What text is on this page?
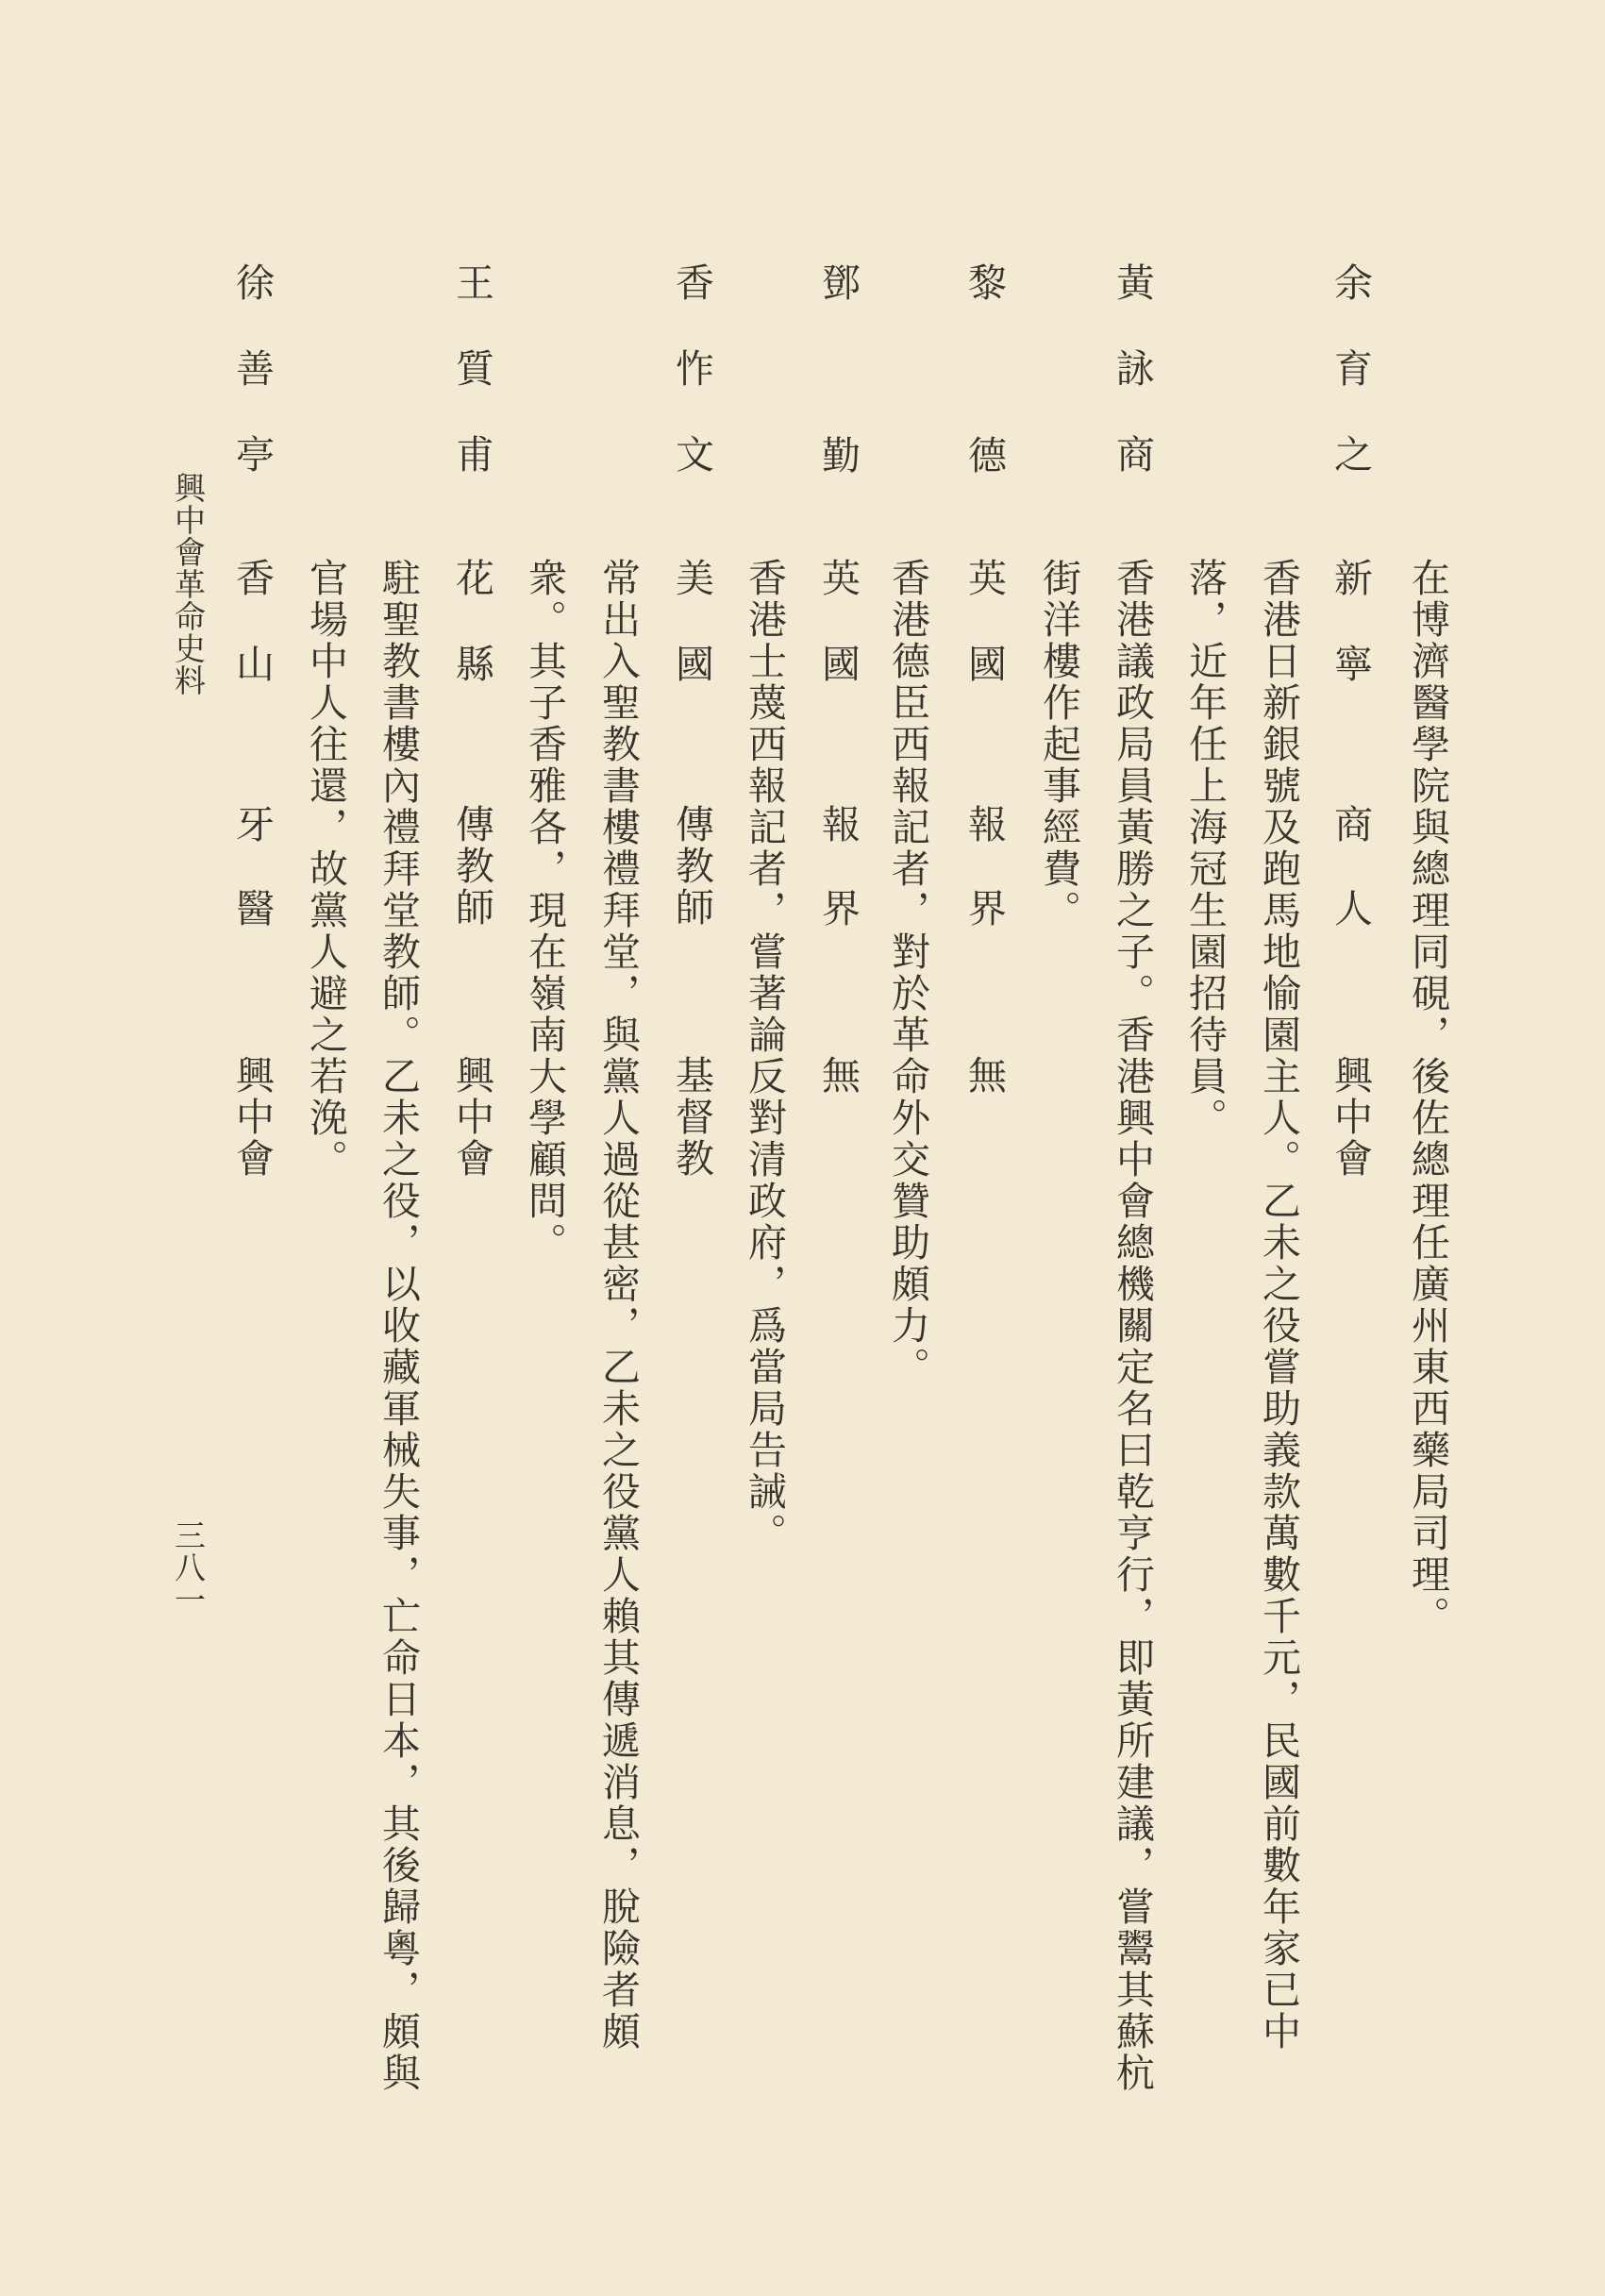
在博濟醫學院與總理同硯，後佐總理任廣州東西藥局司理。
余育之
新寧
商人
興中會
香港日新銀號及跑馬地愉園主人。乙未之役嘗助義款萬數千元，民國前數年家已中
落，近年任上海冠生園招待員。
黃詠商
香港議政局員黃勝之子。香港興中會總機關定名曰乾亨行，即黃所建議，嘗鬻其蘇杭
街洋樓作起事經費。
黎德
英國
報界
無
香港德臣西報記者，對於革命外交贊助頗力。
鄧勤
英國
報界
無
香港士蔑西報記者，嘗著論反對清政府，爲當局告誡。
香怍文
美國
傳教師
基督教
常出入聖教書樓禮拜堂，與黨人過從甚密，乙未之役黨人賴其傳遞消息，脫險者頗
衆。其子香雅各，現在嶺南大學顧問。
王質甫
花縣
傳教師
興中會
駐聖教書樓內禮拜堂教師。乙未之役，以收藏軍械失事，亡命日本，其後歸粵，頗與
官場中人往還，故黨人避之若浼。
徐善亭
香山
牙醫
興中會
興中會革命史料
三八一
